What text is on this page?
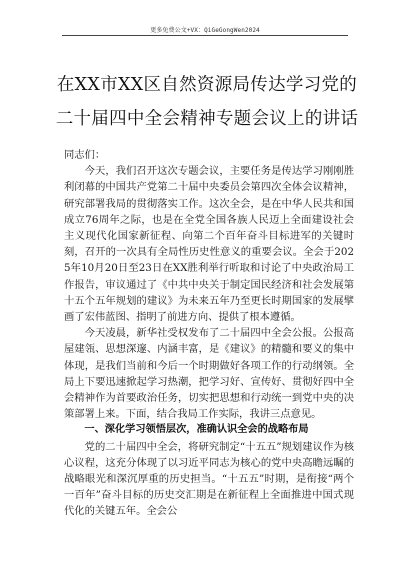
更多免费公文+VX：QiGeGongWen2024
在XX市XX区自然资源局传达学习党的二十届四中全会精神专题会议上的讲话

同志们：

今天，我们召开这次专题会议，主要任务是传达学习刚刚胜利闭幕的中国共产党第二十届中央委员会第四次全体会议精神，研究部署我局的贯彻落实工作。这次全会，是在中华人民共和国成立76周年之际，也是在全党全国各族人民迈上全面建设社会主义现代化国家新征程、向第二个百年奋斗目标进军的关键时刻，召开的一次具有全局性历史性意义的重要会议。全会于2025年10月20日至23日在XX胜利举行听取和讨论了中央政治局工作报告，审议通过了《中共中央关于制定国民经济和社会发展第十五个五年规划的建议》为未来五年乃至更长时期国家的发展擘画了宏伟蓝图、指明了前进方向、提供了根本遵循。

今天凌晨，新华社受权发布了二十届四中全会公报。公报高屋建瓴、思想深邃、内涵丰富，是《建议》的精髓和要义的集中体现，是我们当前和今后一个时期做好各项工作的行动纲领。全局上下要迅速掀起学习热潮，把学习好、宣传好、贯彻好四中全会精神作为首要政治任务，切实把思想和行动统一到党中央的决策部署上来。下面，结合我局工作实际，我讲三点意见。

一、深化学习领悟层次，准确认识全会的战略布局

党的二十届四中全会，将研究制定“十五五”规划建议作为核心议程，这充分体现了以习近平同志为核心的党中央高瞻远瞩的战略眼光和深沉厚重的历史担当。“十五五”时期，是衔接“两个一百年”奋斗目标的历史交汇期是在新征程上全面推进中国式现代化的关键五年。全会公
